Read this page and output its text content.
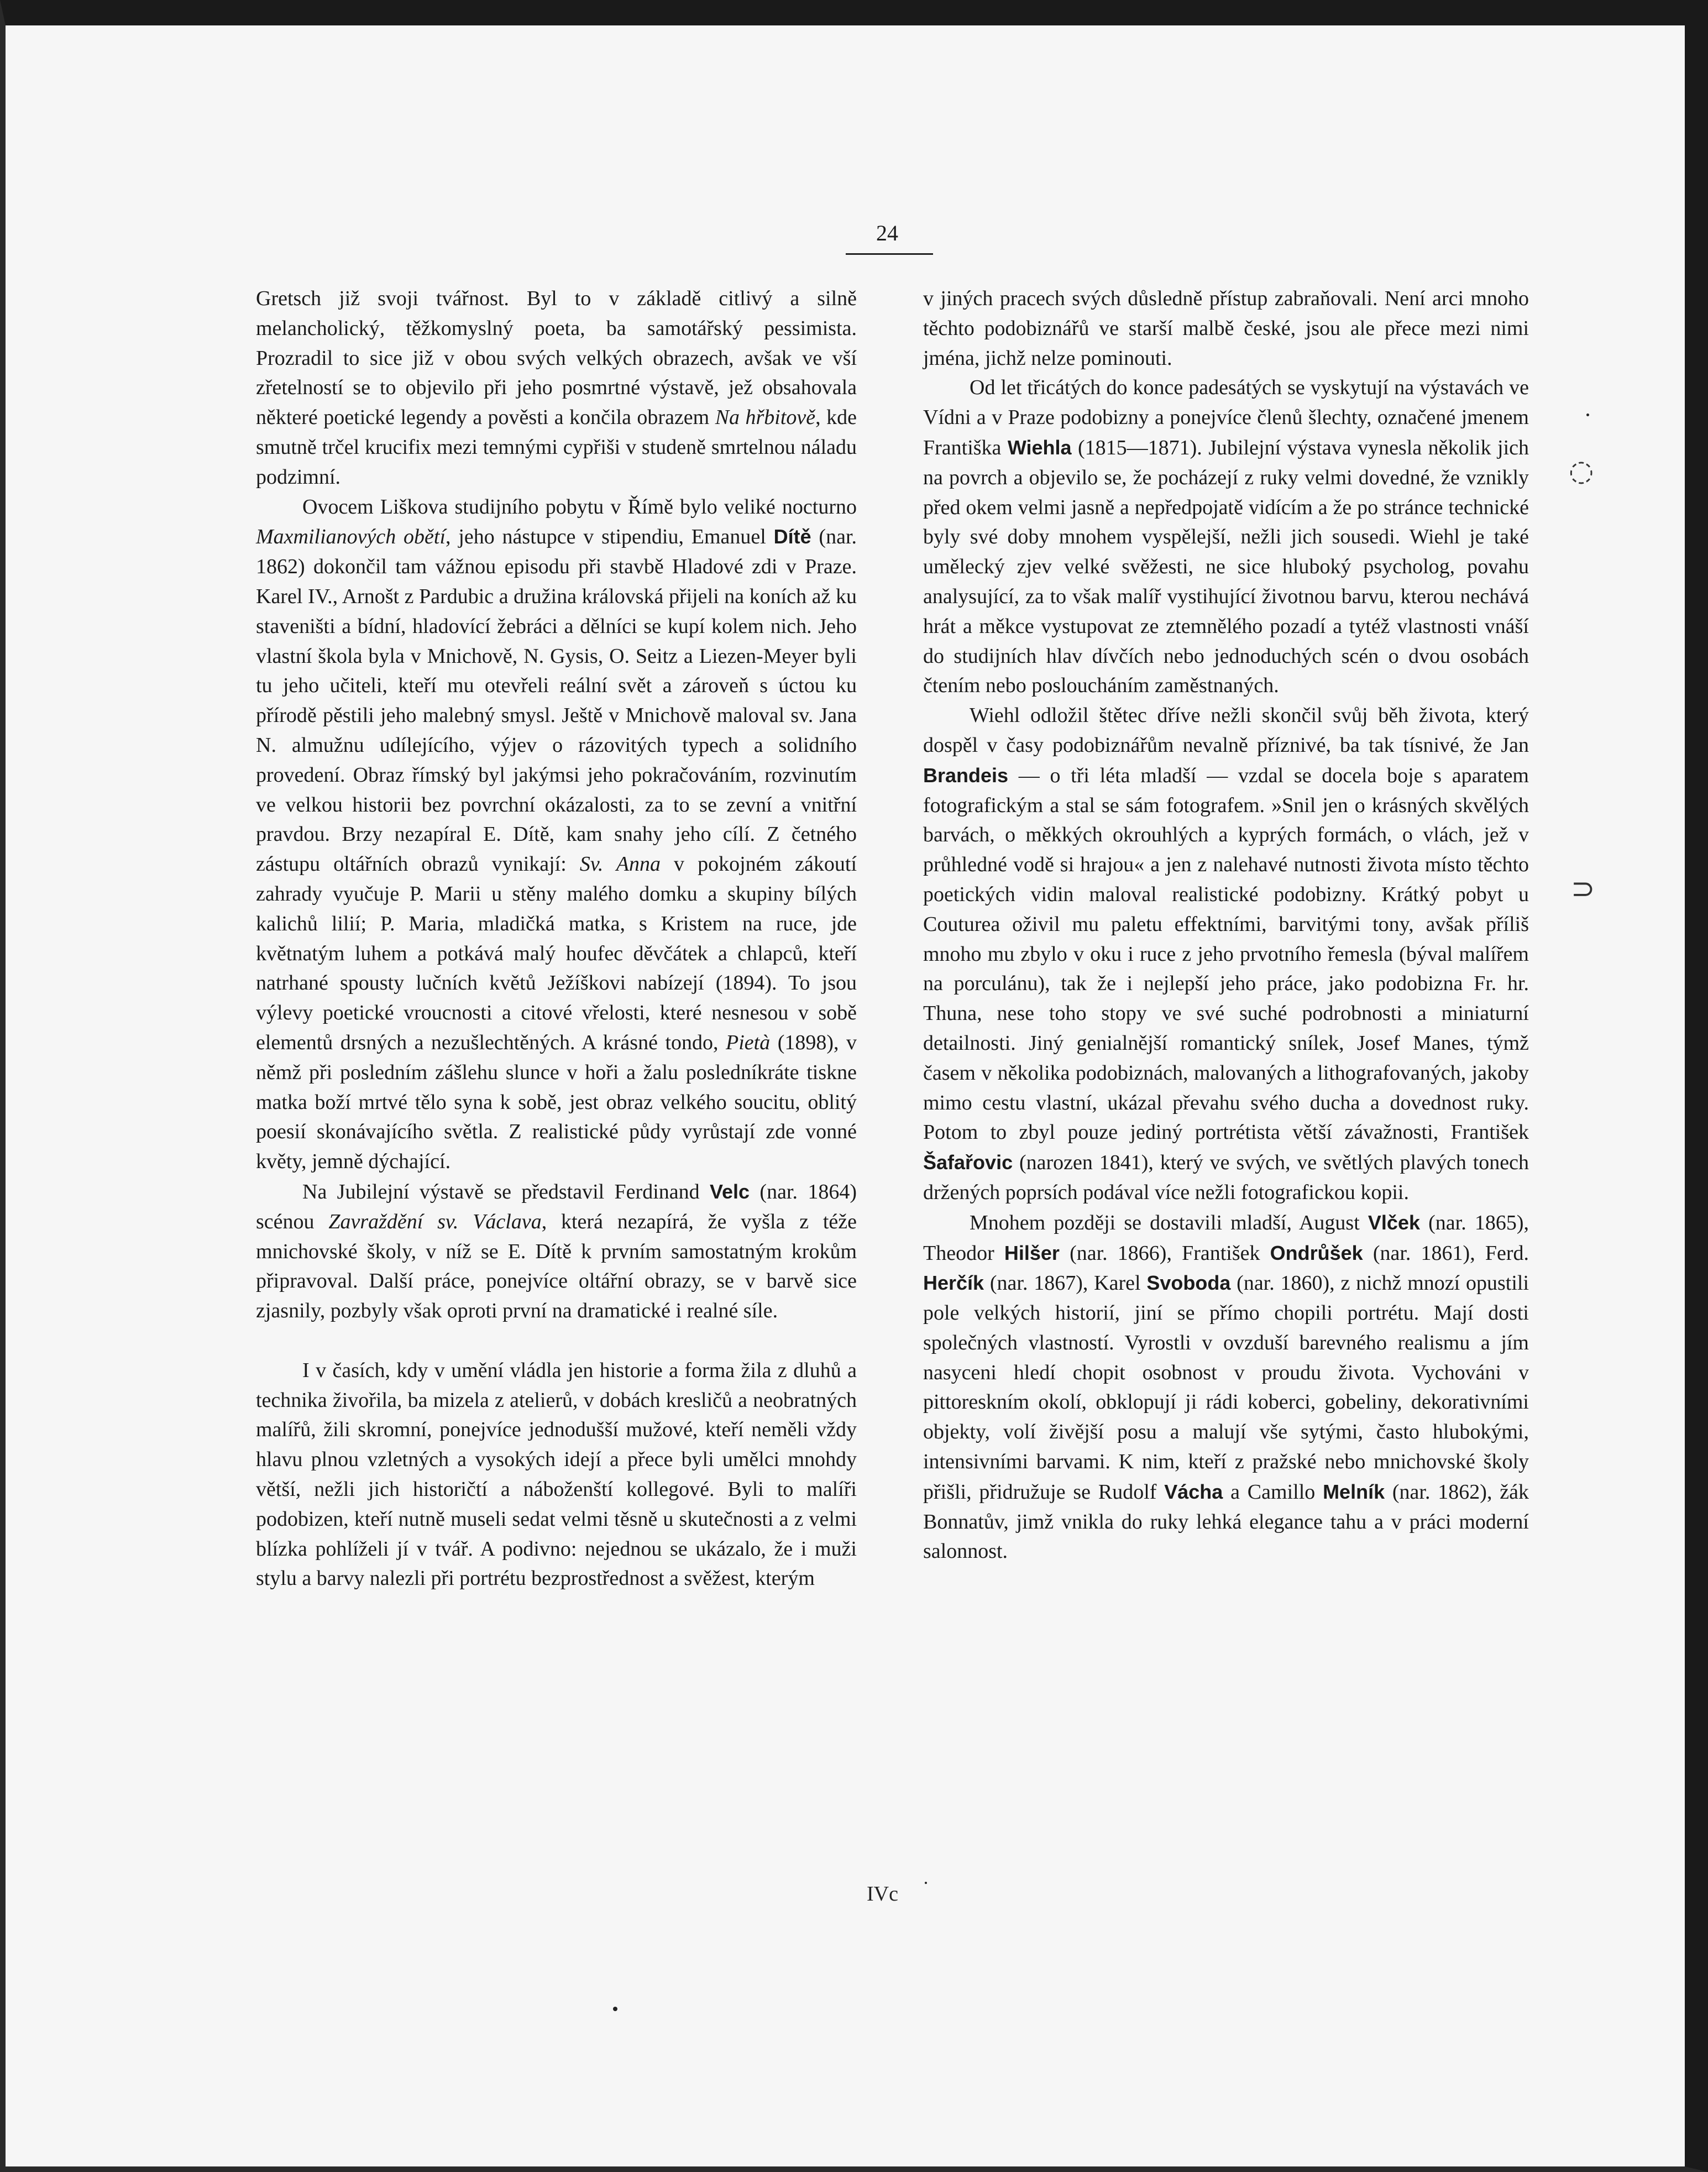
24

Gretsch již svoji tvářnost. Byl to v základě citlivý a silně melancholický, těžkomyslný poeta, ba samotářský pessimista. Prozradil to sice již v obou svých velkých obrazech, avšak ve vší zřetelností se to objevilo při jeho posmrtné výstavě, jež obsahovala některé poetické legendy a pověsti a končila obrazem Na hřbitově, kde smutně trčel krucifix mezi temnými cypřiši v studeně smrtelnou náladu podzimní.

Ovocem Liškova studijního pobytu v Římě bylo veliké nocturno Maxmilianových obětí, jeho nástupce v stipendiu, Emanuel Dítě (nar. 1862) dokončil tam vážnou episodu při stavbě Hladové zdi v Praze. Karel IV., Arnošt z Pardubic a družina královská přijeli na koních až ku staveništi a bídní, hladovící žebráci a dělníci se kupí kolem nich. Jeho vlastní škola byla v Mnichově, N. Gysis, O. Seitz a Liezen-Meyer byli tu jeho učiteli, kteří mu otevřeli reální svět a zároveň s úctou ku přírodě pěstili jeho malebný smysl. Ještě v Mnichově maloval sv. Jana N. almužnu udílejícího, výjev o rázovitých typech a solidního provedení. Obraz římský byl jakýmsi jeho pokračováním, rozvinutím ve velkou historii bez povrchní okázalosti, za to se zevní a vnitřní pravdou. Brzy nezapíral E. Dítě, kam snahy jeho cílí. Z četného zástupu oltářních obrazů vynikají: Sv. Anna v pokojném zákoutí zahrady vyučuje P. Marii u stěny malého domku a skupiny bílých kalichů lilií; P. Maria, mladičká matka, s Kristem na ruce, jde květnatým luhem a potkává malý houfec děvčátek a chlapců, kteří natrhané spousty lučních květů Ježíškovi nabízejí (1894). To jsou výlevy poetické vroucnosti a citové vřelosti, které nesnesou v sobě elementů drsných a nezušlechtěných. A krásné tondo, Pietà (1898), v němž při posledním zášlehu slunce v hoři a žalu posledníkráte tiskne matka boží mrtvé tělo syna k sobě, jest obraz velkého soucitu, oblitý poesií skonávajícího světla. Z realistické půdy vyrůstají zde vonné květy, jemně dýchající.

Na Jubilejní výstavě se představil Ferdinand Velc (nar. 1864) scénou Zavraždění sv. Václava, která nezapírá, že vyšla z téže mnichovské školy, v níž se E. Dítě k prvním samostatným krokům připravoval. Další práce, ponejvíce oltářní obrazy, se v barvě sice zjasnily, pozbyly však oproti první na dramatické i realné síle.

I v časích, kdy v umění vládla jen historie a forma žila z dluhů a technika živořila, ba mizela z atelierů, v dobách kresličů a neobratných malířů, žili skromní, ponejvíce jednodušší mužové, kteří neměli vždy hlavu plnou vzletných a vysokých idejí a přece byli umělci mnohdy větší, nežli jich historičtí a náboženští kollegové. Byli to malíři podobizen, kteří nutně museli sedat velmi těsně u skutečnosti a z velmi blízka pohlíželi jí v tvář. A podivno: nejednou se ukázalo, že i muži stylu a barvy nalezli při portrétu bezprostřednost a svěžest, kterým

v jiných pracech svých důsledně přístup zabraňovali. Není arci mnoho těchto podobiznářů ve starší malbě české, jsou ale přece mezi nimi jména, jichž nelze pominouti.

Od let třicátých do konce padesátých se vyskytují na výstavách ve Vídni a v Praze podobizny a ponejvíce členů šlechty, označené jmenem Františka Wiehla (1815—1871). Jubilejní výstava vynesla několik jich na povrch a objevilo se, že pocházejí z ruky velmi dovedné, že vznikly před okem velmi jasně a nepředpojatě vidícím a že po stránce technické byly své doby mnohem vyspělejší, nežli jich sousedi. Wiehl je také umělecký zjev velké svěžesti, ne sice hluboký psycholog, povahu analysující, za to však malíř vystihující životnou barvu, kterou nechává hrát a měkce vystupovat ze ztemnělého pozadí a tytéž vlastnosti vnáší do studijních hlav dívčích nebo jednoduchých scén o dvou osobách čtením nebo posloucháním zaměstnaných.

Wiehl odložil štětec dříve nežli skončil svůj běh života, který dospěl v časy podobiznářům nevalně příznivé, ba tak tísnivé, že Jan Brandeis — o tři léta mladší — vzdal se docela boje s aparatem fotografickým a stal se sám fotografem. »Snil jen o krásných skvělých barvách, o měkkých okrouhlých a kyprých formách, o vlách, jež v průhledné vodě si hrajou« a jen z nalehavé nutnosti života místo těchto poetických vidin maloval realistické podobizny. Krátký pobyt u Couturea oživil mu paletu effektními, barvitými tony, avšak příliš mnoho mu zbylo v oku i ruce z jeho prvotního řemesla (býval malířem na porculánu), tak že i nejlepší jeho práce, jako podobizna Fr. hr. Thuna, nese toho stopy ve své suché podrobnosti a miniaturní detailnosti. Jiný genialnější romantický snílek, Josef Manes, týmž časem v několika podobiznách, malovaných a lithografovaných, jakoby mimo cestu vlastní, ukázal převahu svého ducha a dovednost ruky. Potom to zbyl pouze jediný portrétista větší závažnosti, František Šafařovic (narozen 1841), který ve svých, ve světlých plavých tonech držených poprsích podával více nežli fotografickou kopii.

Mnohem později se dostavili mladší, August Vlček (nar. 1865), Theodor Hilšer (nar. 1866), František Ondrůšek (nar. 1861), Ferd. Herčík (nar. 1867), Karel Svoboda (nar. 1860), z nichž mnozí opustili pole velkých historií, jiní se přímo chopili portrétu. Mají dosti společných vlastností. Vyrostli v ovzduší barevného realismu a jím nasyceni hledí chopit osobnost v proudu života. Vychováni v pittoreskním okolí, obklopují ji rádi koberci, gobeliny, dekorativními objekty, volí živější posu a malují vše sytými, často hlubokými, intensivními barvami. K nim, kteří z pražské nebo mnichovské školy přišli, přidružuje se Rudolf Vácha a Camillo Melník (nar. 1862), žák Bonnatův, jimž vnikla do ruky lehká elegance tahu a v práci moderní salonnost.

IVc
◌
⊃
